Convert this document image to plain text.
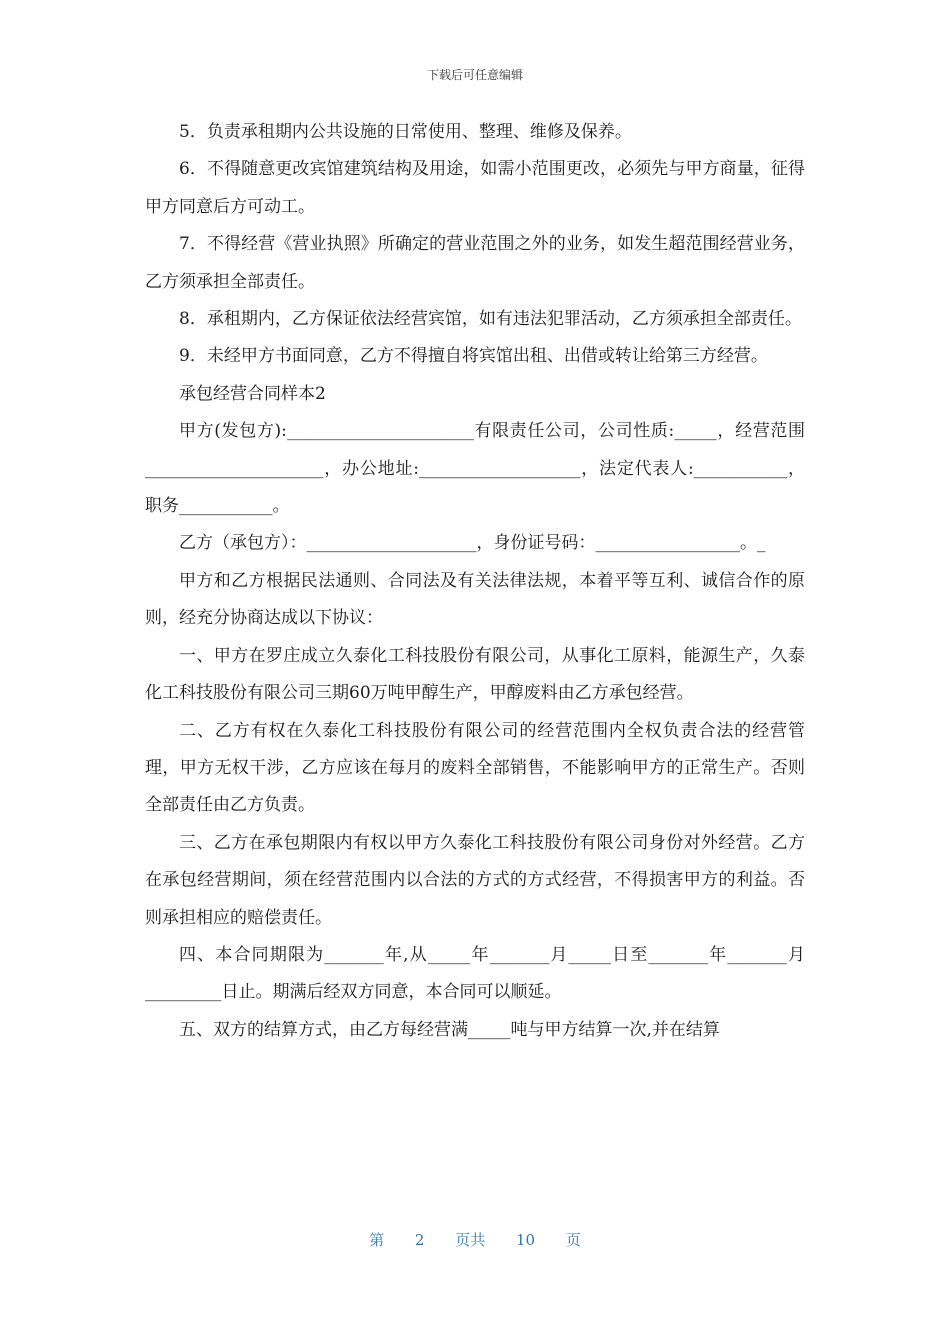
下载后可任意编辑

5．负责承租期内公共设施的日常使用、整理、维修及保养。

6．不得随意更改宾馆建筑结构及用途，如需小范围更改，必须先与甲方商量，征得甲方同意后方可动工。

7．不得经营《营业执照》所确定的营业范围之外的业务，如发生超范围经营业务，乙方须承担全部责任。

8．承租期内，乙方保证依法经营宾馆，如有违法犯罪活动，乙方须承担全部责任。

9．未经甲方书面同意，乙方不得擅自将宾馆出租、出借或转让给第三方经营。

承包经营合同样本2

甲方(发包方):______________________有限责任公司，公司性质:_____，经营范围_____________________，办公地址:___________________，法定代表人:___________，职务___________。

乙方（承包方）：____________________，身份证号码：_________________。_

甲方和乙方根据民法通则、合同法及有关法律法规，本着平等互利、诚信合作的原则，经充分协商达成以下协议：

一、甲方在罗庄成立久泰化工科技股份有限公司，从事化工原料，能源生产，久泰化工科技股份有限公司三期60万吨甲醇生产，甲醇废料由乙方承包经营。

二、乙方有权在久泰化工科技股份有限公司的经营范围内全权负责合法的经营管理，甲方无权干涉，乙方应该在每月的废料全部销售，不能影响甲方的正常生产。否则全部责任由乙方负责。

三、乙方在承包期限内有权以甲方久泰化工科技股份有限公司身份对外经营。乙方在承包经营期间，须在经营范围内以合法的方式的方式经营，不得损害甲方的利益。否则承担相应的赔偿责任。

四、本合同期限为_______年,从_____年_______月_____日至_______年_______月_________日止。期满后经双方同意，本合同可以顺延。

五、双方的结算方式，由乙方每经营满_____吨与甲方结算一次,并在结算

第 2 页共 10 页
